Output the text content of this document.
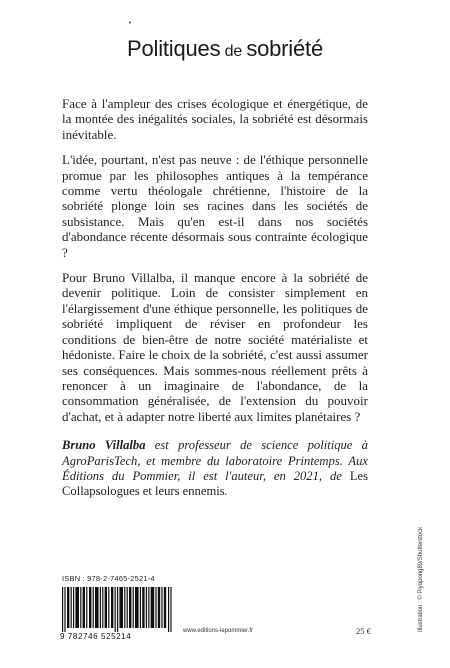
•
Politiques de sobriété

Face à l'ampleur des crises écologique et énergétique, de la montée des inégalités sociales, la sobriété est désormais inévitable.

L'idée, pourtant, n'est pas neuve : de l'éthique personnelle promue par les philosophes antiques à la tempérance comme vertu théologale chrétienne, l'histoire de la sobriété plonge loin ses racines dans les sociétés de subsistance. Mais qu'en est-il dans nos sociétés d'abondance récente désormais sous contrainte écologique ?

Pour Bruno Villalba, il manque encore à la sobriété de devenir politique. Loin de consister simplement en l'élargissement d'une éthique personnelle, les politiques de sobriété impliquent de réviser en profondeur les conditions de bien-être de notre société matérialiste et hédoniste. Faire le choix de la sobriété, c'est aussi assumer ses conséquences. Mais sommes-nous réellement prêts à renoncer à un imaginaire de l'abondance, de la consommation généralisée, de l'extension du pouvoir d'achat, et à adapter notre liberté aux limites planétaires ?

Bruno Villalba est professeur de science politique à AgroParisTech, et membre du laboratoire Printemps. Aux Éditions du Pommier, il est l'auteur, en 2021, de Les Collapsologues et leurs ennemis.

ISBN : 978-2-7465-2521-4
9 782746 525214
www.editions-lepommier.fr	25 €	Illustration : © Piyapong89/Shutterstock
